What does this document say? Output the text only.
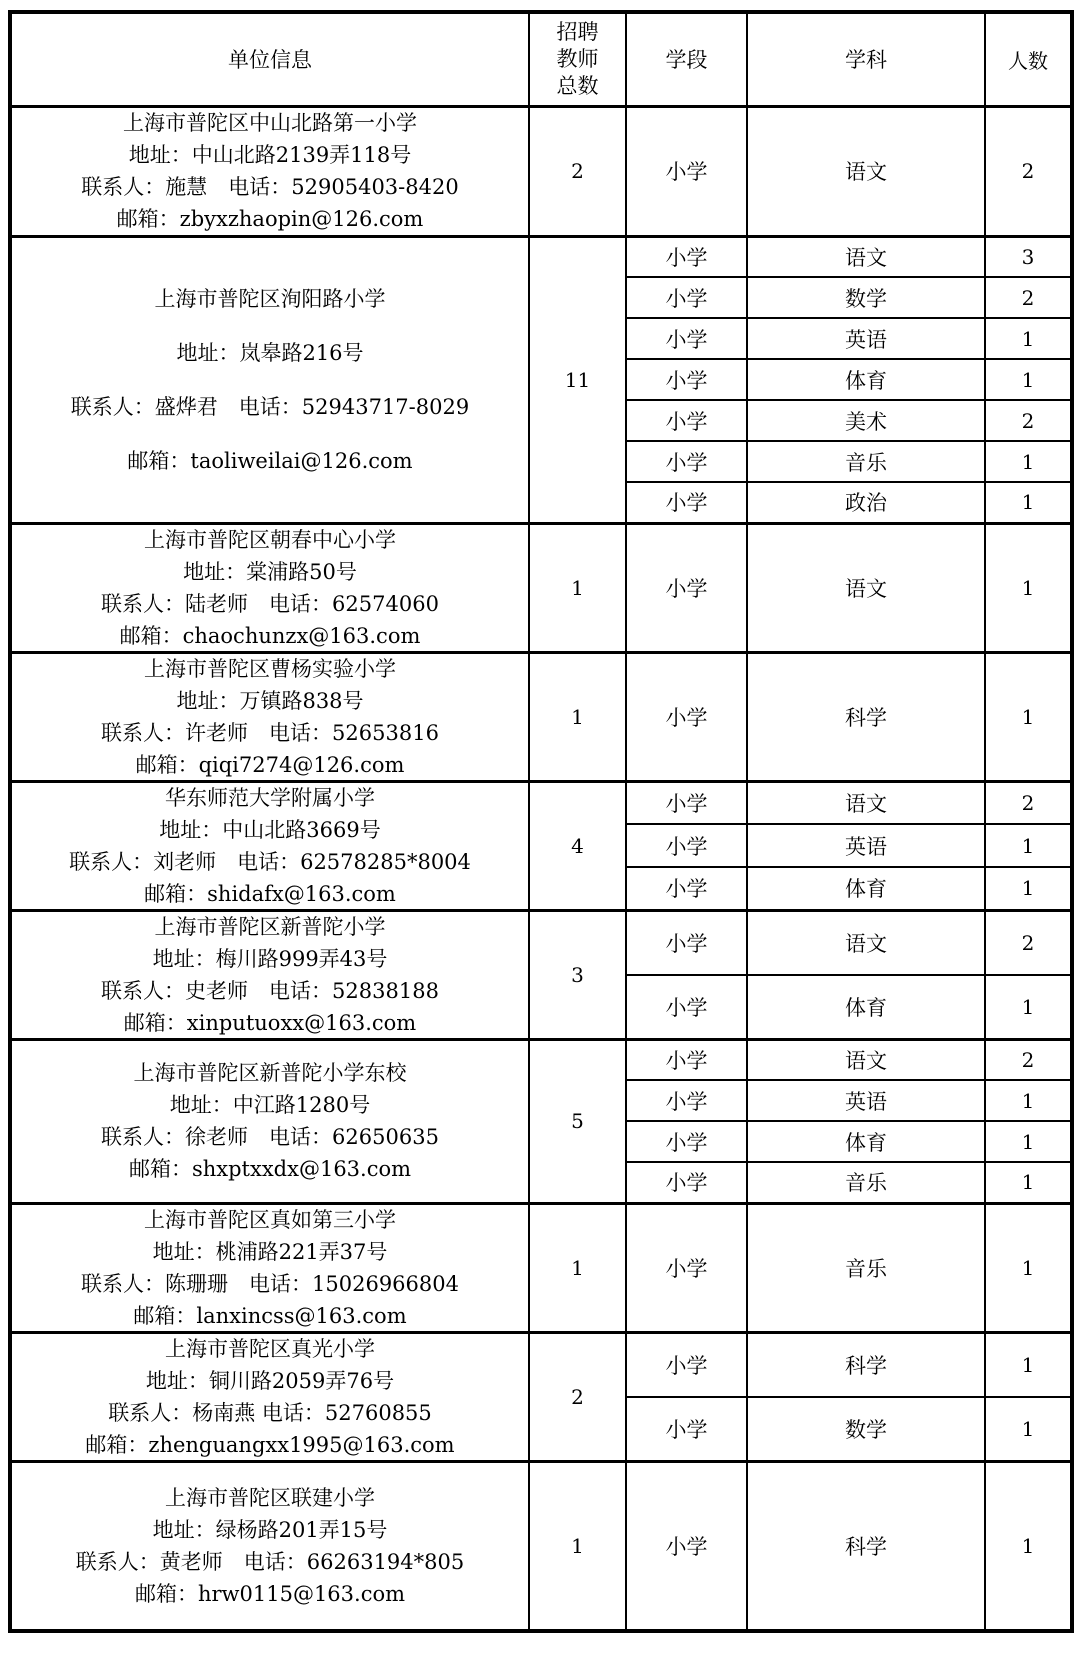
单位信息	招聘
教师
总数	学段	学科	人数

上海市普陀区中山北路第一小学
地址：中山北路2139弄118号
联系人：施慧　电话：52905403-8420
邮箱：zbyxzhaopin@126.com	2	小学	语文	2

上海市普陀区洵阳路小学
地址：岚皋路216号
联系人：盛烨君　电话：52943717-8029
邮箱：taoliweilai@126.com	11	小学	语文	3
		小学	数学	2
		小学	英语	1
		小学	体育	1
		小学	美术	2
		小学	音乐	1
		小学	政治	1

上海市普陀区朝春中心小学
地址：棠浦路50号
联系人：陆老师　电话：62574060
邮箱：chaochunzx@163.com	1	小学	语文	1

上海市普陀区曹杨实验小学
地址：万镇路838号
联系人：许老师　电话：52653816
邮箱：qiqi7274@126.com	1	小学	科学	1

华东师范大学附属小学
地址：中山北路3669号
联系人：刘老师　电话：62578285*8004
邮箱：shidafx@163.com	4	小学	语文	2
		小学	英语	1
		小学	体育	1

上海市普陀区新普陀小学
地址：梅川路999弄43号
联系人：史老师　电话：52838188
邮箱：xinputuoxx@163.com	3	小学	语文	2
		小学	体育	1

上海市普陀区新普陀小学东校
地址：中江路1280号
联系人：徐老师　电话：62650635
邮箱：shxptxxdx@163.com	5	小学	语文	2
		小学	英语	1
		小学	体育	1
		小学	音乐	1

上海市普陀区真如第三小学
地址：桃浦路221弄37号
联系人：陈珊珊　电话：15026966804
邮箱：lanxincss@163.com	1	小学	音乐	1

上海市普陀区真光小学
地址：铜川路2059弄76号
联系人：杨南燕 电话：52760855
邮箱：zhenguangxx1995@163.com	2	小学	科学	1
		小学	数学	1

上海市普陀区联建小学
地址：绿杨路201弄15号
联系人：黄老师　电话：66263194*805
邮箱：hrw0115@163.com	1	小学	科学	1
